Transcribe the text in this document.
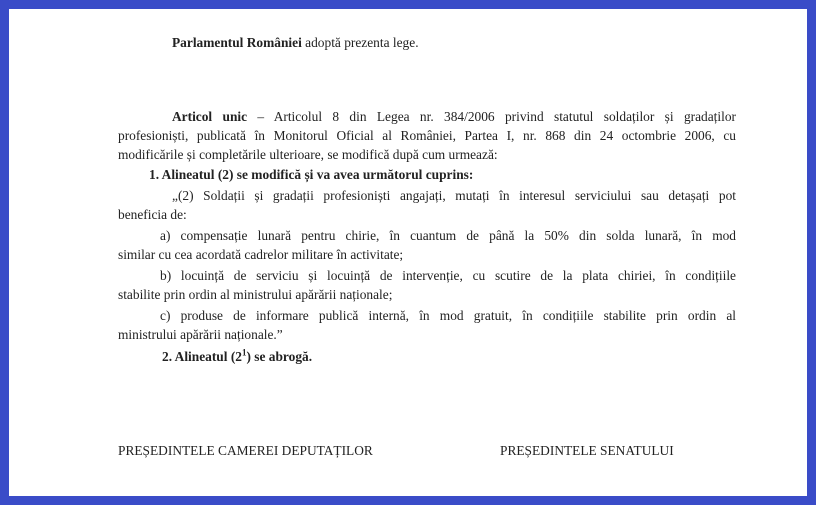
Parlamentul României adoptă prezenta lege.
Articol unic – Articolul 8 din Legea nr. 384/2006 privind statutul soldaților și gradaților
profesioniști, publicată în Monitorul Oficial al României, Partea I, nr. 868 din 24 octombrie 2006, cu
modificările și completările ulterioare, se modifică după cum urmează:
1. Alineatul (2) se modifică și va avea următorul cuprins:
„(2) Soldații și gradații profesioniști angajați, mutați în interesul serviciului sau detașați pot
beneficia de:
a) compensație lunară pentru chirie, în cuantum de până la 50% din solda lunară, în mod
similar cu cea acordată cadrelor militare în activitate;
b) locuință de serviciu și locuință de intervenție, cu scutire de la plata chiriei, în condițiile
stabilite prin ordin al ministrului apărării naționale;
c) produse de informare publică internă, în mod gratuit, în condițiile stabilite prin ordin al
ministrului apărării naționale.”
2. Alineatul $(2^1)$ se abrogă.
PREȘEDINTELE CAMEREI DEPUTAȚILOR	PREȘEDINTELE SENATULUI
